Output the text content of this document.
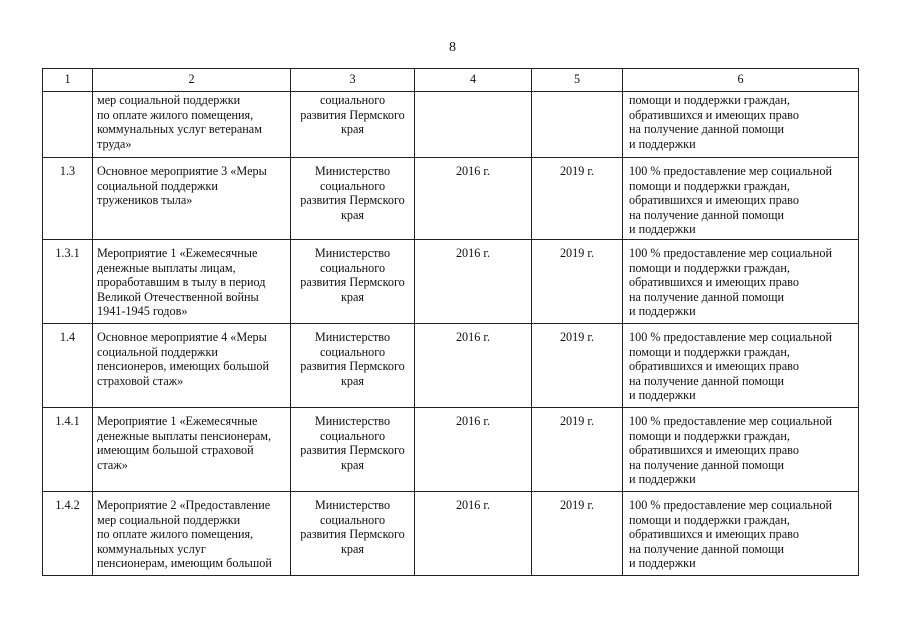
8
1	2	3	4	5	6

	мер социальной поддержки
по оплате жилого помещения,
коммунальных услуг ветеранам
труда»	социального
развития Пермского
края			помощи и поддержки граждан,
обратившихся и имеющих право
на получение данной помощи
и поддержки

1.3	Основное мероприятие 3 «Меры
социальной поддержки
тружеников тыла»	Министерство
социального
развития Пермского
края	2016 г.	2019 г.	100 % предоставление мер социальной
помощи и поддержки граждан,
обратившихся и имеющих право
на получение данной помощи
и поддержки

1.3.1	Мероприятие 1 «Ежемесячные
денежные выплаты лицам,
проработавшим в тылу в период
Великой Отечественной войны
1941-1945 годов»	Министерство
социального
развития Пермского
края	2016 г.	2019 г.	100 % предоставление мер социальной
помощи и поддержки граждан,
обратившихся и имеющих право
на получение данной помощи
и поддержки

1.4	Основное мероприятие 4 «Меры
социальной поддержки
пенсионеров, имеющих большой
страховой стаж»	Министерство
социального
развития Пермского
края	2016 г.	2019 г.	100 % предоставление мер социальной
помощи и поддержки граждан,
обратившихся и имеющих право
на получение данной помощи
и поддержки

1.4.1	Мероприятие 1 «Ежемесячные
денежные выплаты пенсионерам,
имеющим большой страховой
стаж»	Министерство
социального
развития Пермского
края	2016 г.	2019 г.	100 % предоставление мер социальной
помощи и поддержки граждан,
обратившихся и имеющих право
на получение данной помощи
и поддержки

1.4.2	Мероприятие 2 «Предоставление
мер социальной поддержки
по оплате жилого помещения,
коммунальных услуг
пенсионерам, имеющим большой	Министерство
социального
развития Пермского
края	2016 г.	2019 г.	100 % предоставление мер социальной
помощи и поддержки граждан,
обратившихся и имеющих право
на получение данной помощи
и поддержки
